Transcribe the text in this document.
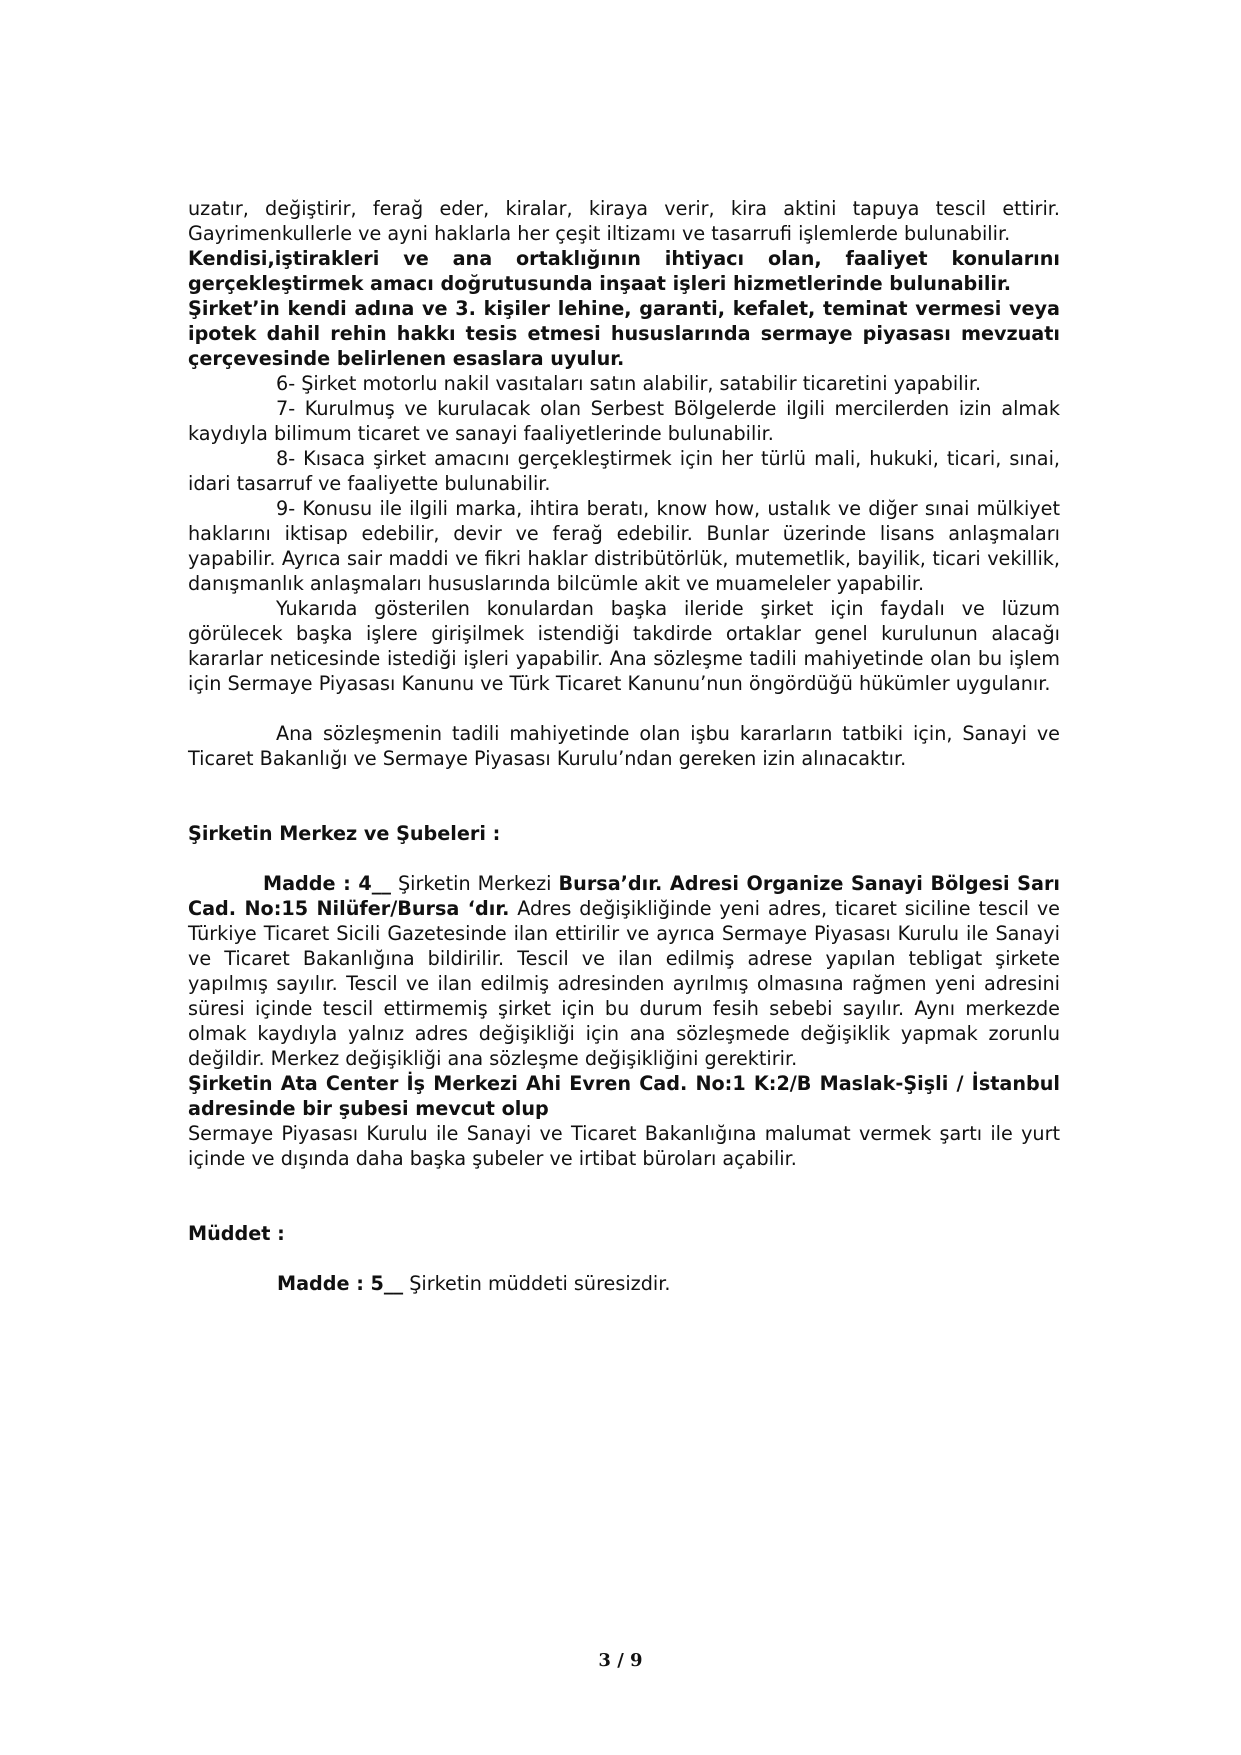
uzatır, değiştirir, ferağ eder, kiralar, kiraya verir, kira aktini tapuya tescil ettirir. Gayrimenkullerle ve ayni haklarla her çeşit iltizamı ve tasarrufi işlemlerde bulunabilir.

Kendisi,iştirakleri ve ana ortaklığının ihtiyacı olan, faaliyet konularını gerçekleştirmek amacı doğrutusunda inşaat işleri hizmetlerinde bulunabilir.

Şirket’in kendi adına ve 3. kişiler lehine, garanti, kefalet, teminat vermesi veya ipotek dahil rehin hakkı tesis etmesi hususlarında sermaye piyasası mevzuatı çerçevesinde belirlenen esaslara uyulur.

6- Şirket motorlu nakil vasıtaları satın alabilir, satabilir ticaretini yapabilir.

7- Kurulmuş ve kurulacak olan Serbest Bölgelerde ilgili mercilerden izin almak kaydıyla bilimum ticaret ve sanayi faaliyetlerinde bulunabilir.

8- Kısaca şirket amacını gerçekleştirmek için her türlü mali, hukuki, ticari, sınai, idari tasarruf ve faaliyette bulunabilir.

9- Konusu ile ilgili marka, ihtira beratı, know how, ustalık ve diğer sınai mülkiyet haklarını iktisap edebilir, devir ve ferağ edebilir. Bunlar üzerinde lisans anlaşmaları yapabilir. Ayrıca sair maddi ve fikri haklar distribütörlük, mutemetlik, bayilik, ticari vekillik, danışmanlık anlaşmaları hususlarında bilcümle akit ve muameleler yapabilir.

Yukarıda gösterilen konulardan başka ileride şirket için faydalı ve lüzum görülecek başka işlere girişilmek istendiği takdirde ortaklar genel kurulunun alacağı kararlar neticesinde istediği işleri yapabilir. Ana sözleşme tadili mahiyetinde olan bu işlem için Sermaye Piyasası Kanunu ve Türk Ticaret Kanunu’nun öngördüğü hükümler uygulanır.

Ana sözleşmenin tadili mahiyetinde olan işbu kararların tatbiki için, Sanayi ve Ticaret Bakanlığı ve Sermaye Piyasası Kurulu’ndan gereken izin alınacaktır.

Şirketin Merkez ve Şubeleri :

Madde : 4__ Şirketin Merkezi Bursa’dır. Adresi Organize Sanayi Bölgesi Sarı Cad. No:15 Nilüfer/Bursa ‘dır. Adres değişikliğinde yeni adres, ticaret siciline tescil ve Türkiye Ticaret Sicili Gazetesinde ilan ettirilir ve ayrıca Sermaye Piyasası Kurulu ile Sanayi ve Ticaret Bakanlığına bildirilir. Tescil ve ilan edilmiş adrese yapılan tebligat şirkete yapılmış sayılır. Tescil ve ilan edilmiş adresinden ayrılmış olmasına rağmen yeni adresini süresi içinde tescil ettirmemiş şirket için bu durum fesih sebebi sayılır. Aynı merkezde olmak kaydıyla yalnız adres değişikliği için ana sözleşmede değişiklik yapmak zorunlu değildir. Merkez değişikliği ana sözleşme değişikliğini gerektirir.

Şirketin Ata Center İş Merkezi Ahi Evren Cad. No:1 K:2/B Maslak-Şişli / İstanbul adresinde bir şubesi mevcut olup

Sermaye Piyasası Kurulu ile Sanayi ve Ticaret Bakanlığına malumat vermek şartı ile yurt içinde ve dışında daha başka şubeler ve irtibat büroları açabilir.

Müddet :

Madde : 5__ Şirketin müddeti süresizdir.

3 / 9
